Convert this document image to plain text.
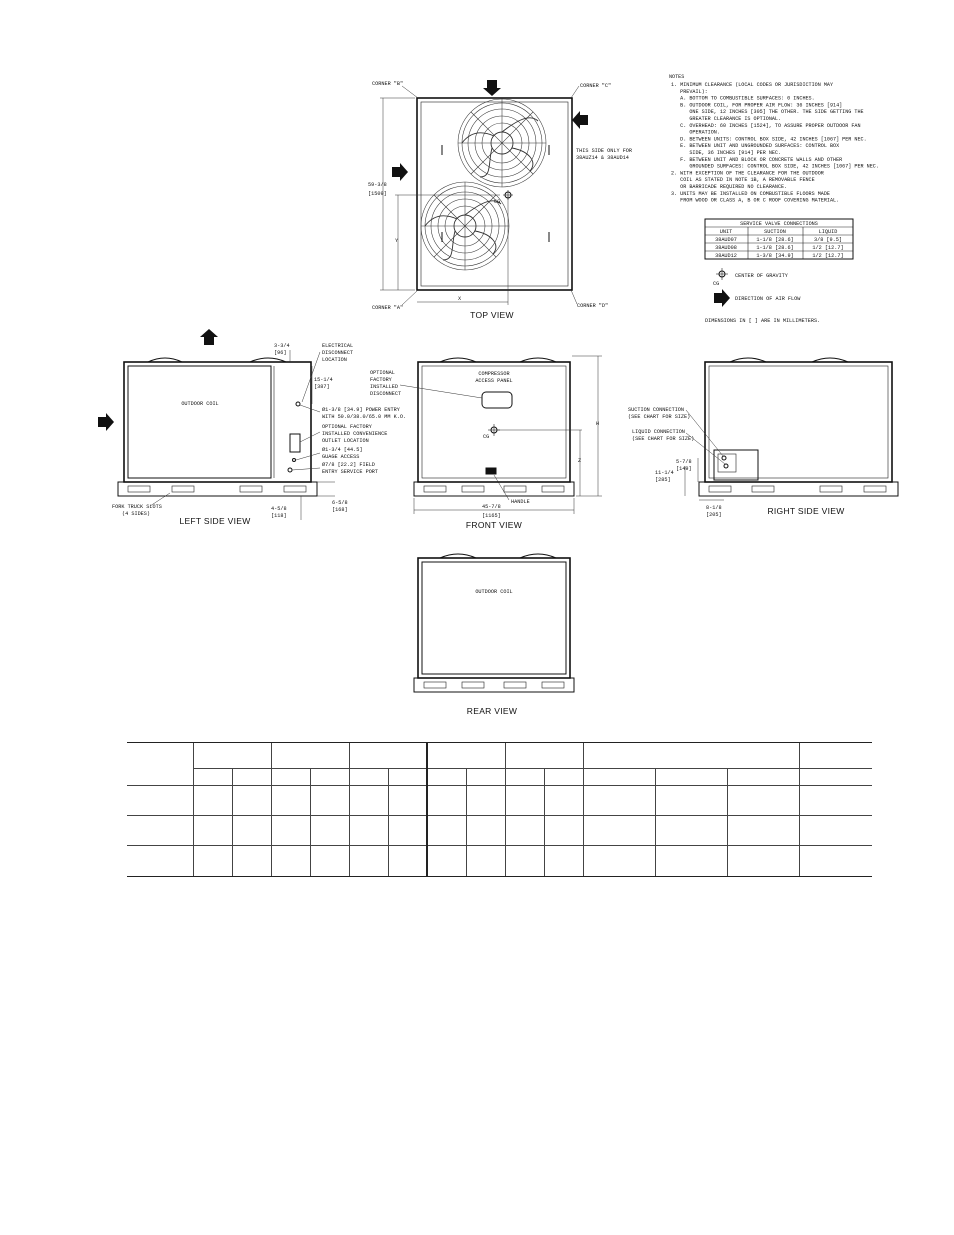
CG
59-3/8
[1509]
Y
X
CORNER "B"	CORNER "C"
CORNER "A"	CORNER "D"
THIS SIDE ONLY FOR
38AUZ14 & 38AUD14
TOP VIEW
NOTES
1. MINIMUM CLEARANCE (LOCAL CODES OR JURISDICTION MAY
PREVAIL):
A. BOTTOM TO COMBUSTIBLE SURFACES: 0 INCHES.
B. OUTDOOR COIL, FOR PROPER AIR FLOW: 36 INCHES [914]
ONE SIDE, 12 INCHES [305] THE OTHER. THE SIDE GETTING THE
GREATER CLEARANCE IS OPTIONAL.
C. OVERHEAD: 60 INCHES [1524], TO ASSURE PROPER OUTDOOR FAN
OPERATION.
D. BETWEEN UNITS: CONTROL BOX SIDE, 42 INCHES [1067] PER NEC.
E. BETWEEN UNIT AND UNGROUNDED SURFACES: CONTROL BOX
SIDE, 36 INCHES [914] PER NEC.
F. BETWEEN UNIT AND BLOCK OR CONCRETE WALLS AND OTHER
GROUNDED SURFACES: CONTROL BOX SIDE, 42 INCHES [1067] PER NEC.
2. WITH EXCEPTION OF THE CLEARANCE FOR THE OUTDOOR
COIL AS STATED IN NOTE 1B, A REMOVABLE FENCE
OR BARRICADE REQUIRED NO CLEARANCE.
3. UNITS MAY BE INSTALLED ON COMBUSTIBLE FLOORS MADE
FROM WOOD OR CLASS A, B OR C ROOF COVERING MATERIAL.
SERVICE VALVE CONNECTIONS
UNIT	SUCTION	LIQUID
38AUD07	1-1/8 [28.6]	3/8 [9.5]
38AUD08	1-1/8 [28.6]	1/2 [12.7]
38AUD12	1-3/8 [34.9]	1/2 [12.7]
CG
CENTER OF GRAVITY
DIRECTION OF AIR FLOW
DIMENSIONS IN [ ] ARE IN MILLIMETERS.
OUTDOOR COIL
3-3/4
[96]
15-1/4
[387]
ELECTRICAL
DISCONNECT
LOCATION
Ø1-3/8 [34.9] POWER ENTRY
WITH 50.0/38.0/65.0 MM K.O.
OPTIONAL FACTORY
INSTALLED CONVENIENCE
OUTLET LOCATION
Ø1-3/4 [44.5]
GUAGE ACCESS
Ø7/8 [22.2] FIELD
ENTRY SERVICE PORT
6-5/8
[168]
4-5/8
[118]
FORK TRUCK SLOTS
(4 SIDES)
LEFT SIDE VIEW
COMPRESSOR
ACCESS PANEL
OPTIONAL
FACTORY
INSTALLED
DISCONNECT
CG
HANDLE
H
Z
45-7/8
[1165]
FRONT VIEW
SUCTION CONNECTION
(SEE CHART FOR SIZE)
LIQUID CONNECTION
(SEE CHART FOR SIZE)
5-7/8
[149]
11-1/4
[285]
8-1/8
[205]	RIGHT SIDE VIEW
OUTDOOR COIL
REAR VIEW
